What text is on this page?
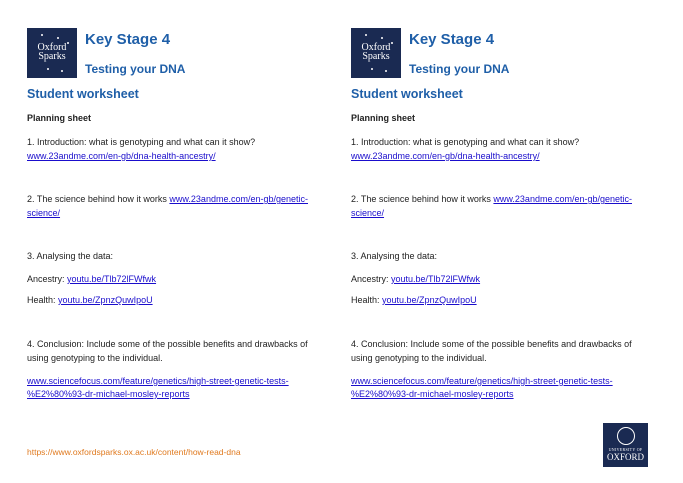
Oxford
Sparks
Key Stage 4
Testing your DNA
Student worksheet
Planning sheet
1. Introduction: what is genotyping and what can it show?
www.23andme.com/en-gb/dna-health-ancestry/
2. The science behind how it works www.23andme.com/en-gb/genetic-
science/
3. Analysing the data:
Ancestry: youtu.be/Tlb72lFWfwk
Health: youtu.be/ZpnzQuwIpoU
4. Conclusion: Include some of the possible benefits and drawbacks of
using genotyping to the individual.
www.sciencefocus.com/feature/genetics/high-street-genetic-tests-
%E2%80%93-dr-michael-mosley-reports
Oxford
Sparks
Key Stage 4
Testing your DNA
Student worksheet
Planning sheet
1. Introduction: what is genotyping and what can it show?
www.23andme.com/en-gb/dna-health-ancestry/
2. The science behind how it works www.23andme.com/en-gb/genetic-
science/
3. Analysing the data:
Ancestry: youtu.be/Tlb72lFWfwk
Health: youtu.be/ZpnzQuwIpoU
4. Conclusion: Include some of the possible benefits and drawbacks of
using genotyping to the individual.
www.sciencefocus.com/feature/genetics/high-street-genetic-tests-
%E2%80%93-dr-michael-mosley-reports
https://www.oxfordsparks.ox.ac.uk/content/how-read-dna	UNIVERSITY OF
OXFORD
